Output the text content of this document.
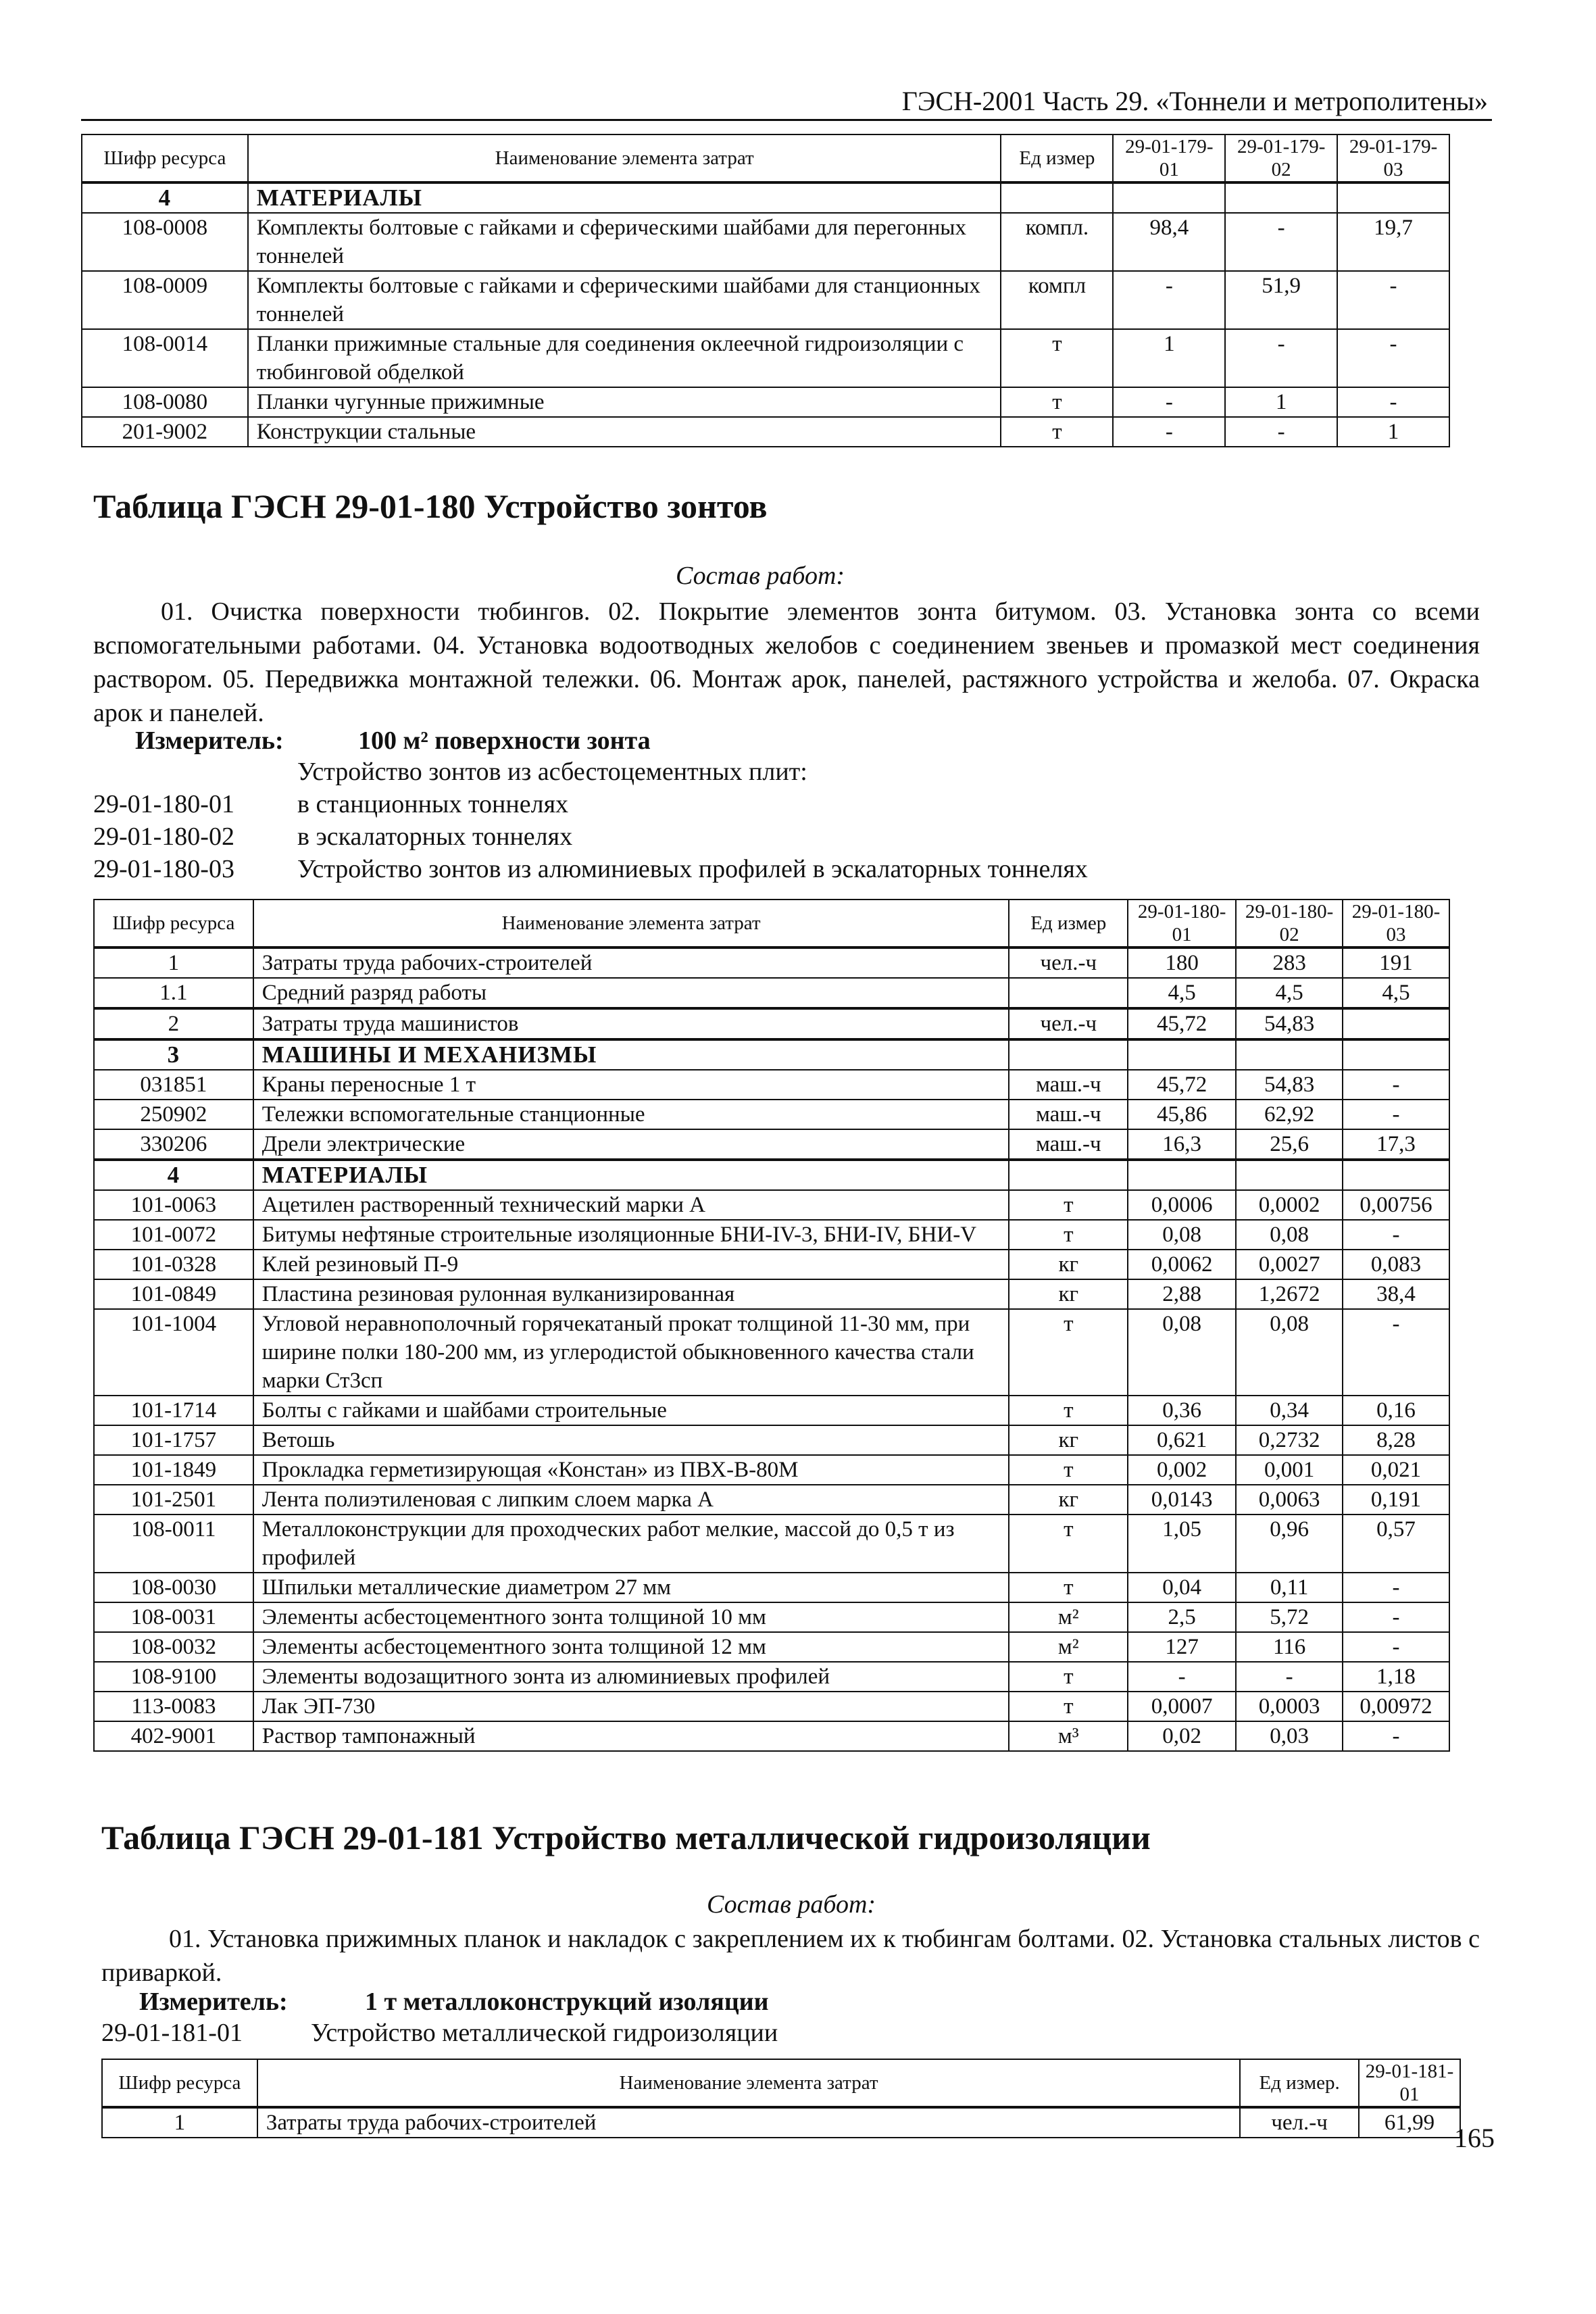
ГЭСН-2001 Часть 29. «Тоннели и метрополитены»
Шифр ресурса	Наименование элемента затрат	Ед измер	29-01-179-01	29-01-179-02	29-01-179-03
4	МАТЕРИАЛЫ				
108-0008	Комплекты болтовые с гайками и сферическими шайбами для перегонных тоннелей	компл.	98,4	-	19,7
108-0009	Комплекты болтовые с гайками и сферическими шайбами для станционных тоннелей	компл	-	51,9	-
108-0014	Планки прижимные стальные для соединения оклеечной гидроизоляции с тюбинговой обделкой	т	1	-	-
108-0080	Планки чугунные прижимные	т	-	1	-
201-9002	Конструкции стальные	т	-	-	1
Таблица ГЭСН 29-01-180 Устройство зонтов
Состав работ:
01. Очистка поверхности тюбингов. 02. Покрытие элементов зонта битумом. 03. Установка зонта со всеми вспомогательными работами. 04. Установка водоотводных желобов с соединением звеньев и промазкой мест соединения раствором. 05. Передвижка монтажной тележки. 06. Монтаж арок, панелей, растяжного устройства и желоба. 07. Окраска арок и панелей.
Измеритель:	100 м² поверхности зонта
Устройство зонтов из асбестоцементных плит:
29-01-180-01 в станционных тоннелях
29-01-180-02 в эскалаторных тоннелях
29-01-180-03 Устройство зонтов из алюминиевых профилей в эскалаторных тоннелях
Шифр ресурса	Наименование элемента затрат	Ед измер	29-01-180-01	29-01-180-02	29-01-180-03
1	Затраты труда рабочих-строителей	чел.-ч	180	283	191
1.1	Средний разряд работы		4,5	4,5	4,5
2	Затраты труда машинистов	чел.-ч	45,72	54,83	
3	МАШИНЫ И МЕХАНИЗМЫ				
031851	Краны переносные 1 т	маш.-ч	45,72	54,83	-
250902	Тележки вспомогательные станционные	маш.-ч	45,86	62,92	-
330206	Дрели электрические	маш.-ч	16,3	25,6	17,3
4	МАТЕРИАЛЫ				
101-0063	Ацетилен растворенный технический марки А	т	0,0006	0,0002	0,00756
101-0072	Битумы нефтяные строительные изоляционные БНИ-IV-3, БНИ-IV, БНИ-V	т	0,08	0,08	-
101-0328	Клей резиновый П-9	кг	0,0062	0,0027	0,083
101-0849	Пластина резиновая рулонная вулканизированная	кг	2,88	1,2672	38,4
101-1004	Угловой неравнополочный горячекатаный прокат толщиной 11-30 мм, при ширине полки 180-200 мм, из углеродистой обыкновенного качества стали марки Ст3сп	т	0,08	0,08	-
101-1714	Болты с гайками и шайбами строительные	т	0,36	0,34	0,16
101-1757	Ветошь	кг	0,621	0,2732	8,28
101-1849	Прокладка герметизирующая «Констан» из ПВХ-В-80М	т	0,002	0,001	0,021
101-2501	Лента полиэтиленовая с липким слоем марка А	кг	0,0143	0,0063	0,191
108-0011	Металлоконструкции для проходческих работ мелкие, массой до 0,5 т из профилей	т	1,05	0,96	0,57
108-0030	Шпильки металлические диаметром 27 мм	т	0,04	0,11	-
108-0031	Элементы асбестоцементного зонта толщиной 10 мм	м²	2,5	5,72	-
108-0032	Элементы асбестоцементного зонта толщиной 12 мм	м²	127	116	-
108-9100	Элементы водозащитного зонта из алюминиевых профилей	т	-	-	1,18
113-0083	Лак ЭП-730	т	0,0007	0,0003	0,00972
402-9001	Раствор тампонажный	м³	0,02	0,03	-
Таблица ГЭСН 29-01-181 Устройство металлической гидроизоляции
Состав работ:
01. Установка прижимных планок и накладок с закреплением их к тюбингам болтами. 02. Установка стальных листов с приваркой.
Измеритель:	1 т металлоконструкций изоляции
29-01-181-01	Устройство металлической гидроизоляции
Шифр ресурса	Наименование элемента затрат	Ед измер.	29-01-181-01
1	Затраты труда рабочих-строителей	чел.-ч	61,99 165
